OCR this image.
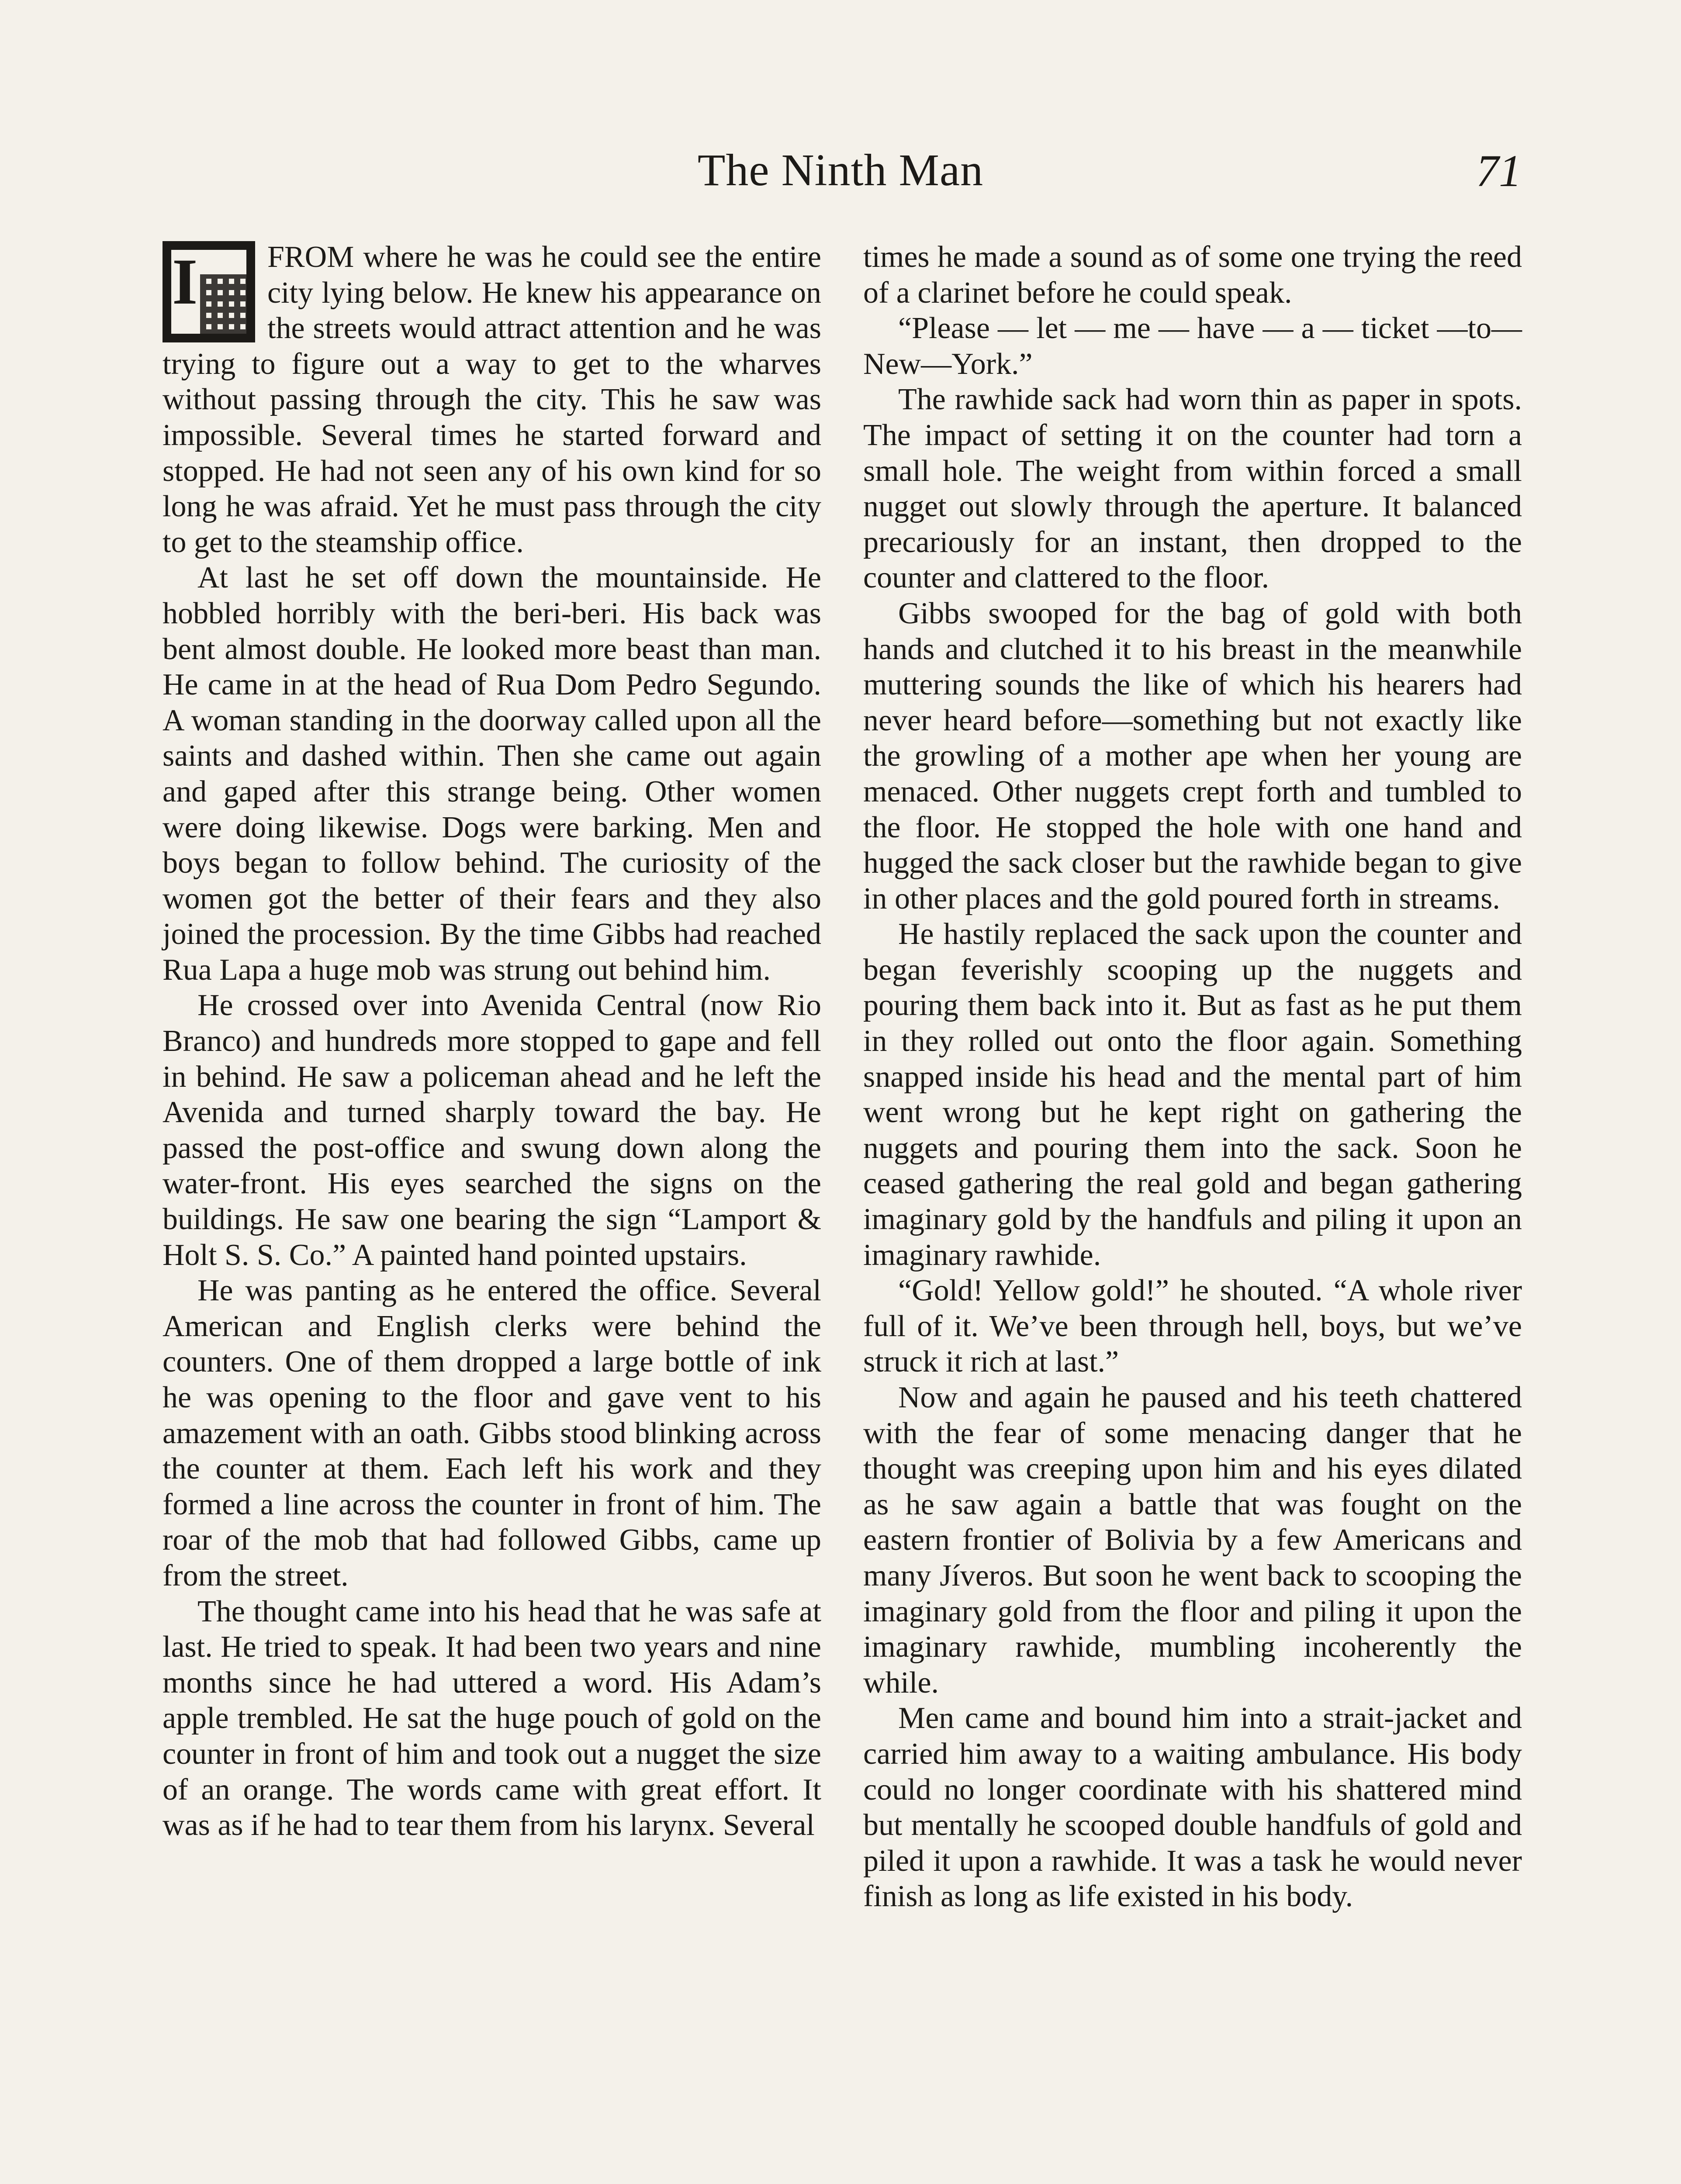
The Ninth Man	71
I	FROM where he was he could see the entire city lying below. He knew his appearance on the streets would attract attention and he was trying to figure out a way to get to the wharves without passing through the city. This he saw was impossible. Several times he started forward and stopped. He had not seen any of his own kind for so long he was afraid. Yet he must pass through the city to get to the steamship office.

At last he set off down the mountainside. He hobbled horribly with the beri-beri. His back was bent almost double. He looked more beast than man. He came in at the head of Rua Dom Pedro Segundo. A woman standing in the doorway called upon all the saints and dashed within. Then she came out again and gaped after this strange being. Other women were doing likewise. Dogs were barking. Men and boys began to follow behind. The curiosity of the women got the better of their fears and they also joined the procession. By the time Gibbs had reached Rua Lapa a huge mob was strung out behind him.

He crossed over into Avenida Central (now Rio Branco) and hundreds more stopped to gape and fell in behind. He saw a policeman ahead and he left the Avenida and turned sharply toward the bay. He passed the post-office and swung down along the water-front. His eyes searched the signs on the buildings. He saw one bearing the sign “Lamport & Holt S. S. Co.” A painted hand pointed upstairs.

He was panting as he entered the office. Several American and English clerks were behind the counters. One of them dropped a large bottle of ink he was opening to the floor and gave vent to his amazement with an oath. Gibbs stood blinking across the counter at them. Each left his work and they formed a line across the counter in front of him. The roar of the mob that had followed Gibbs, came up from the street.

The thought came into his head that he was safe at last. He tried to speak. It had been two years and nine months since he had uttered a word. His Adam’s apple trembled. He sat the huge pouch of gold on the counter in front of him and took out a nugget the size of an orange. The words came with great effort. It was as if he had to tear them from his larynx. Several

times he made a sound as of some one trying the reed of a clarinet before he could speak.

“Please — let — me — have — a — ticket —to—New—York.”

The rawhide sack had worn thin as paper in spots. The impact of setting it on the counter had torn a small hole. The weight from within forced a small nugget out slowly through the aperture. It balanced precariously for an instant, then dropped to the counter and clattered to the floor.

Gibbs swooped for the bag of gold with both hands and clutched it to his breast in the meanwhile muttering sounds the like of which his hearers had never heard before—something but not exactly like the growling of a mother ape when her young are menaced. Other nuggets crept forth and tumbled to the floor. He stopped the hole with one hand and hugged the sack closer but the rawhide began to give in other places and the gold poured forth in streams.

He hastily replaced the sack upon the counter and began feverishly scooping up the nuggets and pouring them back into it. But as fast as he put them in they rolled out onto the floor again. Something snapped inside his head and the mental part of him went wrong but he kept right on gathering the nuggets and pouring them into the sack. Soon he ceased gathering the real gold and began gathering imaginary gold by the handfuls and piling it upon an imaginary rawhide.

“Gold! Yellow gold!” he shouted. “A whole river full of it. We’ve been through hell, boys, but we’ve struck it rich at last.”

Now and again he paused and his teeth chattered with the fear of some menacing danger that he thought was creeping upon him and his eyes dilated as he saw again a battle that was fought on the eastern frontier of Bolivia by a few Americans and many Jíveros. But soon he went back to scooping the imaginary gold from the floor and piling it upon the imaginary rawhide, mumbling incoherently the while.

Men came and bound him into a strait-jacket and carried him away to a waiting ambulance. His body could no longer coordinate with his shattered mind but mentally he scooped double handfuls of gold and piled it upon a rawhide. It was a task he would never finish as long as life existed in his body.
